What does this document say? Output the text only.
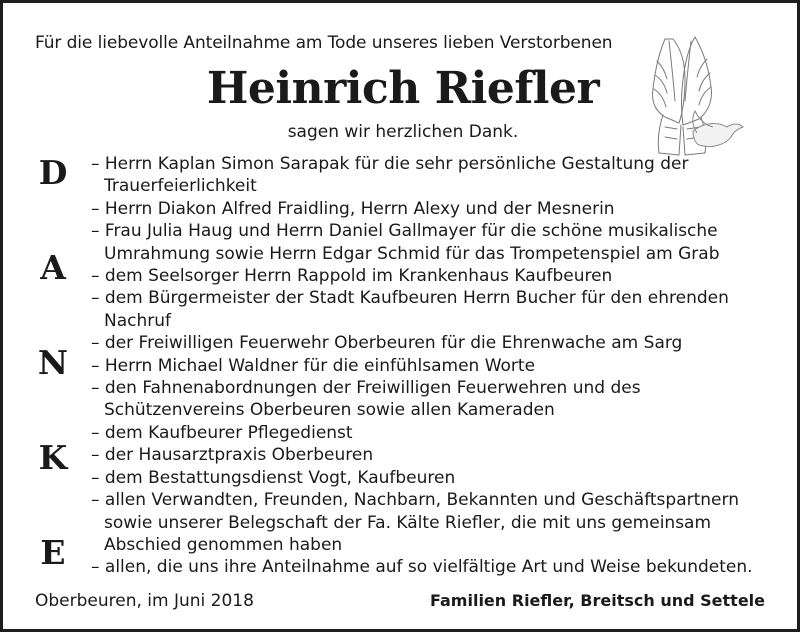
Für die liebevolle Anteilnahme am Tode unseres lieben Verstorbenen
Heinrich Riefler
sagen wir herzlichen Dank.
D
A
N
K
E
– Herrn Kaplan Simon Sarapak für die sehr persönliche Gestaltung der Trauerfeierlichkeit
– Herrn Diakon Alfred Fraidling, Herrn Alexy und der Mesnerin
– Frau Julia Haug und Herrn Daniel Gallmayer für die schöne musikalische Umrahmung sowie Herrn Edgar Schmid für das Trompetenspiel am Grab
– dem Seelsorger Herrn Rappold im Krankenhaus Kaufbeuren
– dem Bürgermeister der Stadt Kaufbeuren Herrn Bucher für den ehrenden Nachruf
– der Freiwilligen Feuerwehr Oberbeuren für die Ehrenwache am Sarg
– Herrn Michael Waldner für die einfühlsamen Worte
– den Fahnenabordnungen der Freiwilligen Feuerwehren und des Schützenvereins Oberbeuren sowie allen Kameraden
– dem Kaufbeurer Pflegedienst
– der Hausarztpraxis Oberbeuren
– dem Bestattungsdienst Vogt, Kaufbeuren
– allen Verwandten, Freunden, Nachbarn, Bekannten und Geschäftspartnern sowie unserer Belegschaft der Fa. Kälte Riefler, die mit uns gemeinsam Abschied genommen haben
– allen, die uns ihre Anteilnahme auf so vielfältige Art und Weise bekundeten.
Oberbeuren, im Juni 2018	Familien Riefler, Breitsch und Settele
